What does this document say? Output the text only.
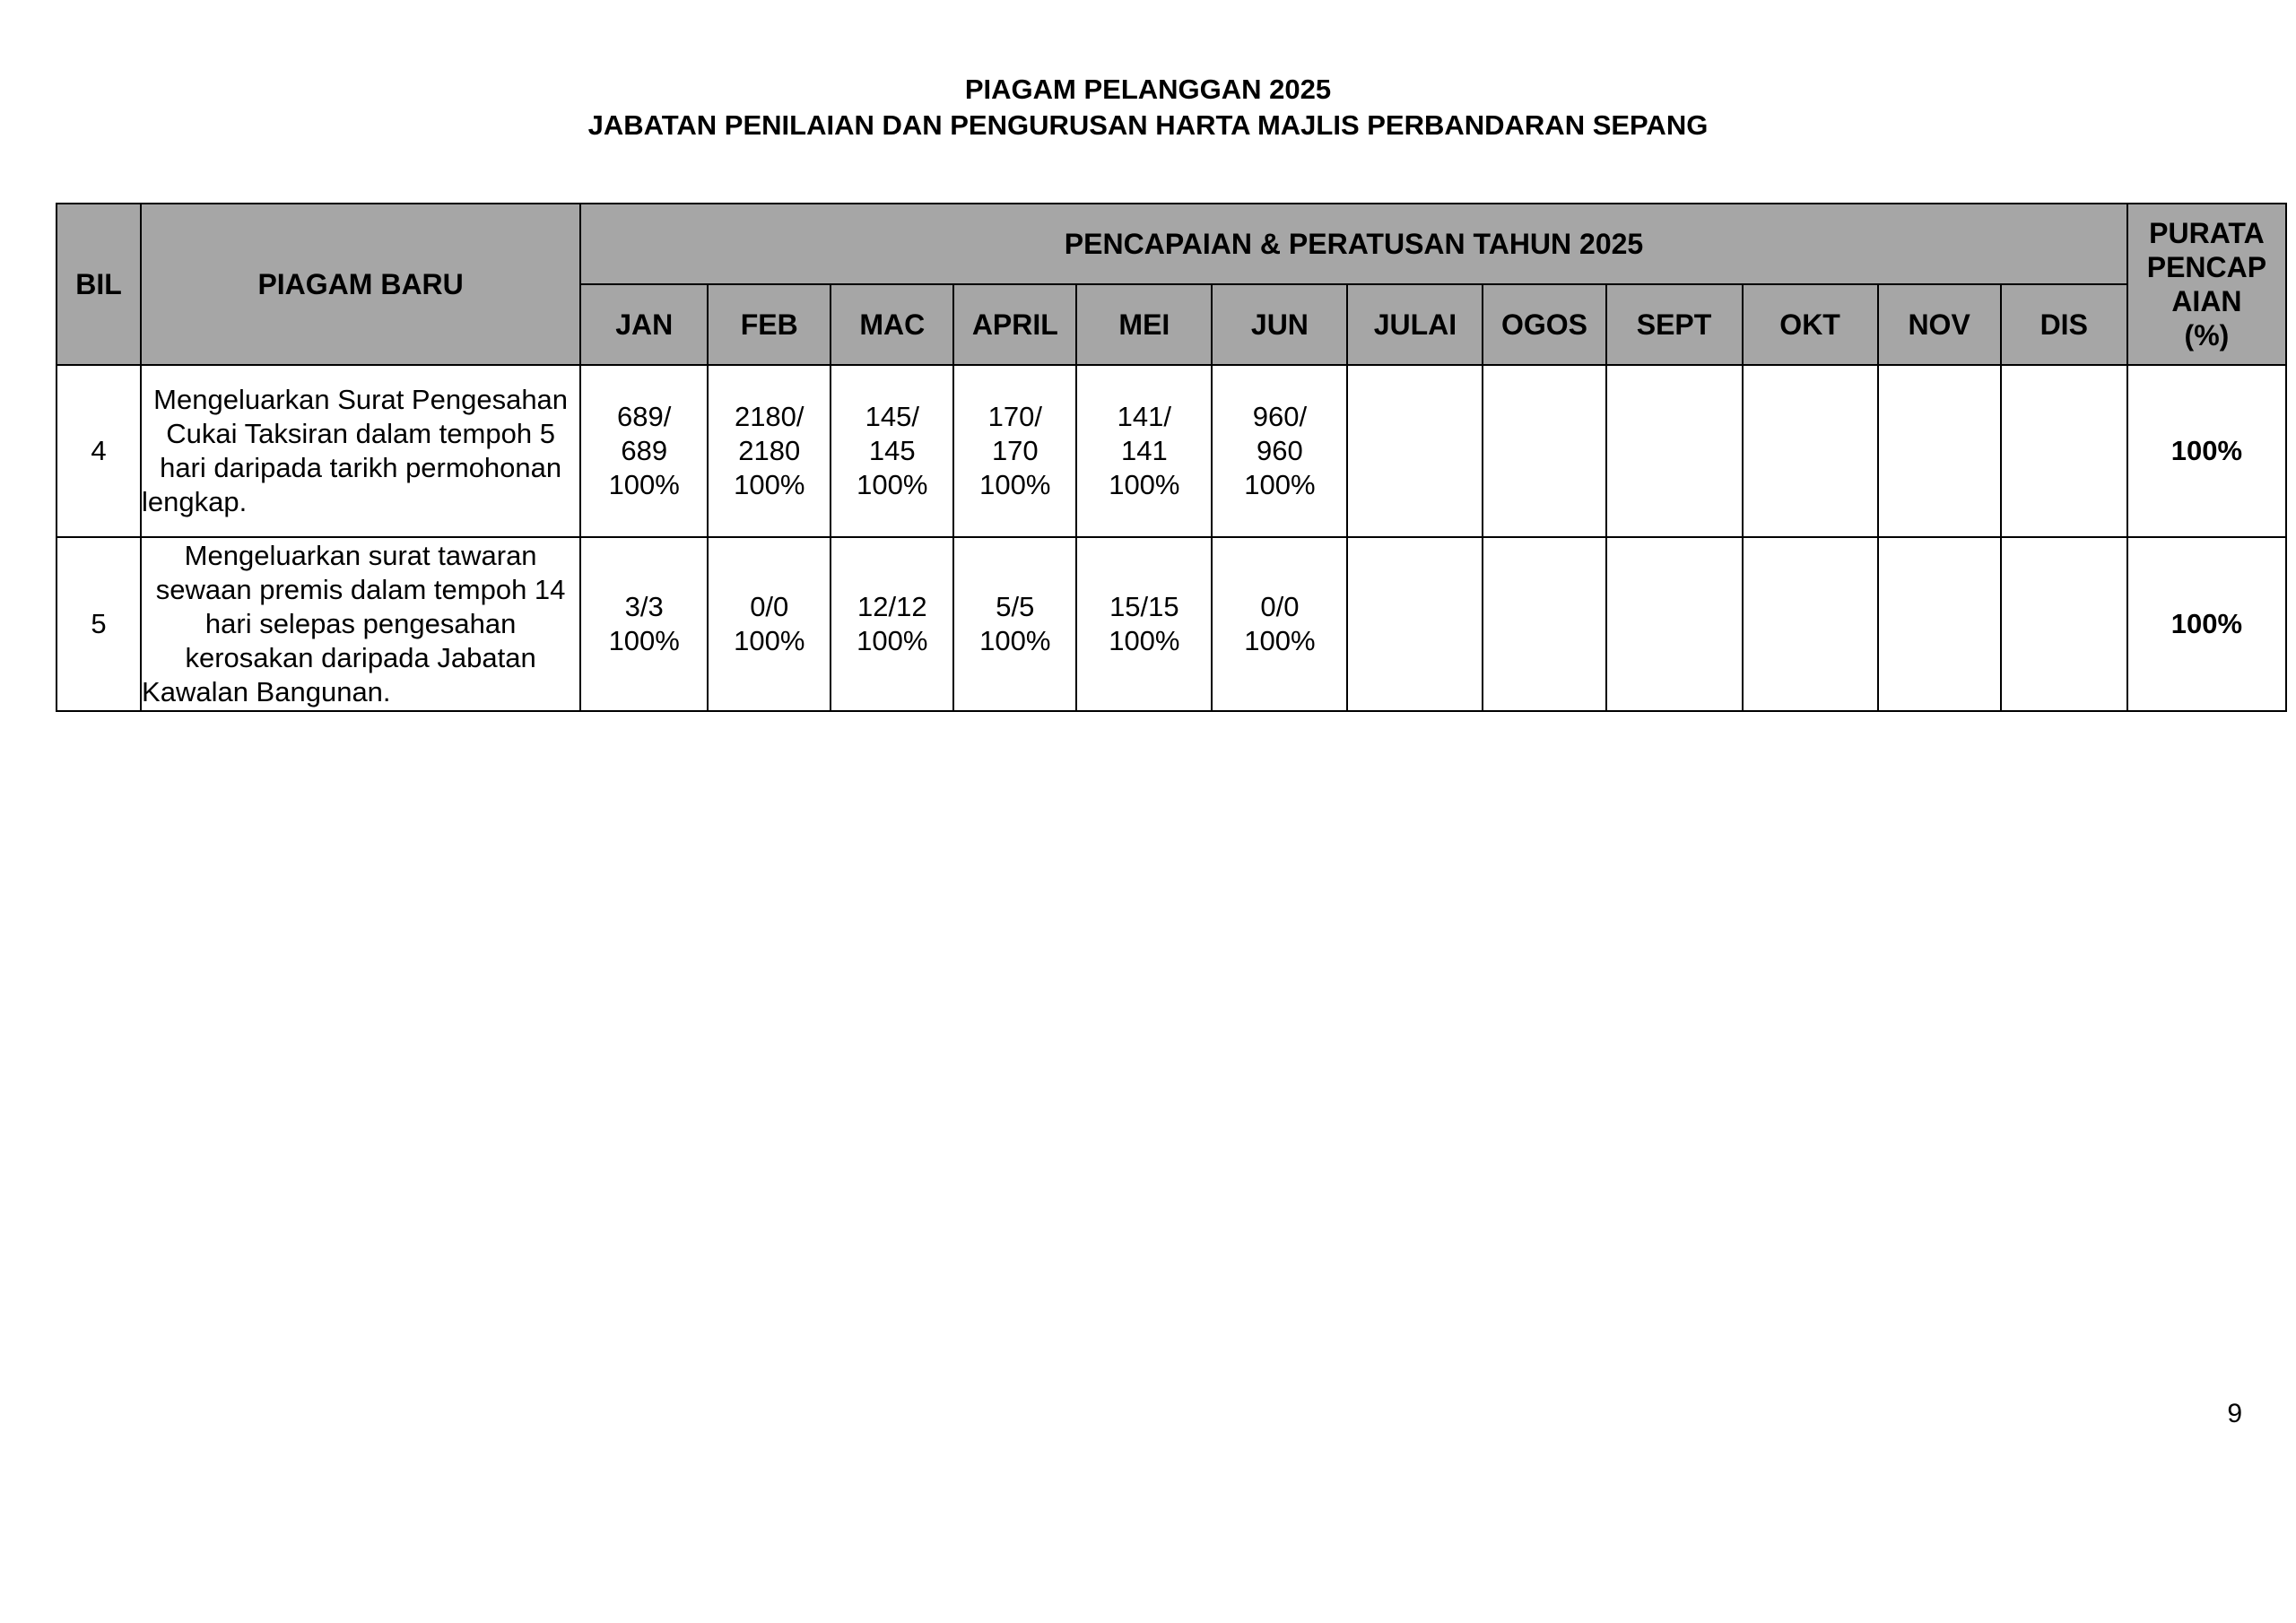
PIAGAM PELANGGAN 2025

JABATAN PENILAIAN DAN PENGURUSAN HARTA MAJLIS PERBANDARAN SEPANG

BIL	PIAGAM BARU	PENCAPAIAN & PERATUSAN TAHUN 2025												PURATA
PENCAP
AIAN
(%)

		JAN	FEB	MAC	APRIL	MEI	JUN	JULAI	OGOS	SEPT	OKT	NOV	DIS	
4	Mengeluarkan Surat Pengesahan Cukai Taksiran dalam tempoh 5 hari daripada tarikh permohonan lengkap.	689/
689
100%	2180/
2180
100%	145/
145
100%	170/
170
100%	141/
141
100%	960/
960
100%							100%
5	Mengeluarkan surat tawaran sewaan premis dalam tempoh 14 hari selepas pengesahan kerosakan daripada Jabatan Kawalan Bangunan.	3/3
100%	0/0
100%	12/12
100%	5/5
100%	15/15
100%	0/0
100%							100%
9
